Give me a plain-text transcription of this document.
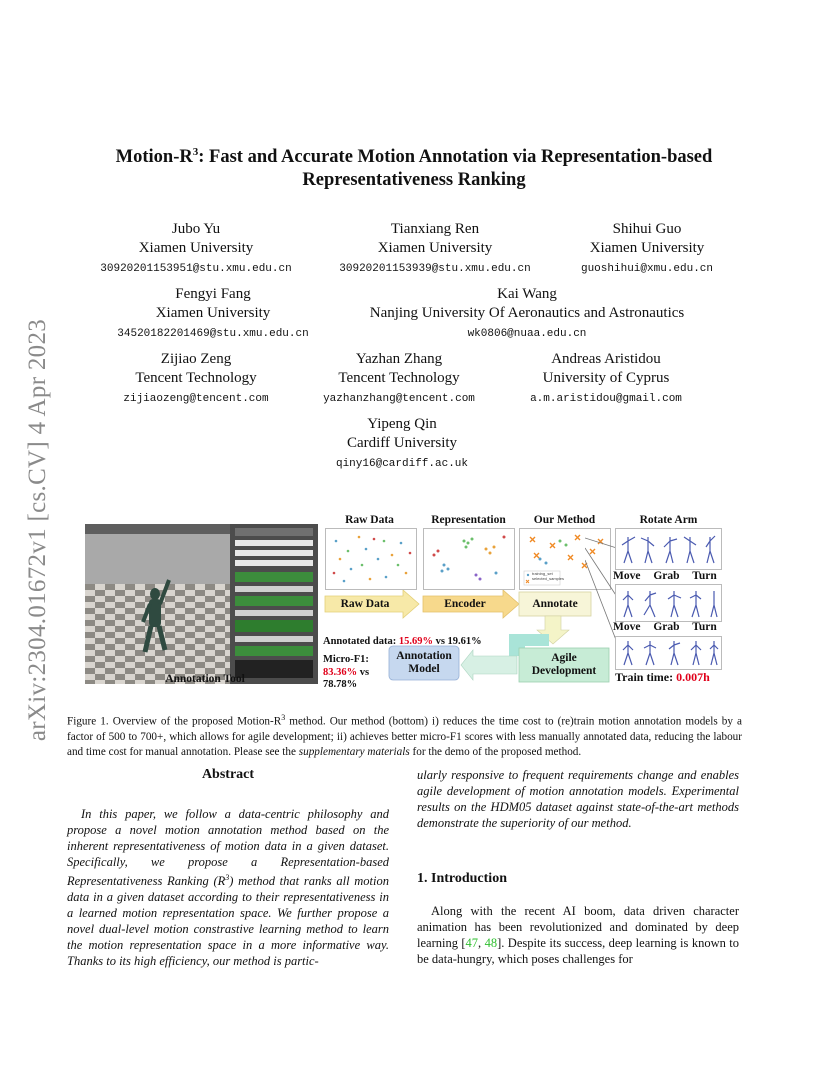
arXiv:2304.01672v1 [cs.CV] 4 Apr 2023
Motion-$R^3$: Fast and Accurate Motion Annotation via Representation-based
Representativeness Ranking
Jubo Yu
Xiamen University
30920201153951@stu.xmu.edu.cn
Tianxiang Ren
Xiamen University
30920201153939@stu.xmu.edu.cn
Shihui Guo
Xiamen University
guoshihui@xmu.edu.cn
Fengyi Fang
Xiamen University
34520182201469@stu.xmu.edu.cn
Kai Wang
Nanjing University Of Aeronautics and Astronautics
wk0806@nuaa.edu.cn
Zijiao Zeng
Tencent Technology
zijiaozeng@tencent.com
Yazhan Zhang
Tencent Technology
yazhanzhang@tencent.com
Andreas Aristidou
University of Cyprus
a.m.aristidou@gmail.com
Yipeng Qin
Cardiff University
qiny16@cardiff.ac.uk
Annotation Tool
Raw Data	Representation	Our Method	Rotate Arm
training_set
selected_samples	Move Grab Turn
Move Grab Turn
Train time: 0.007h
Raw Data	Encoder	Annotate
Annotated data: 15.69% vs 19.61%
Micro-F1:
83.36% vs
78.78%
Annotation
Model
Agile
Development
Figure 1. Overview of the proposed Motion-$R^3$ method. Our method (bottom) i) reduces the time cost to (re)train motion annotation models by a factor of 500 to 700+, which allows for agile development; ii) achieves better micro-F1 scores with less manually annotated data, reducing the labour and time cost for manual annotation. Please see the supplementary materials for the demo of the proposed method.
Abstract
In this paper, we follow a data-centric philosophy and propose a novel motion annotation method based on the inherent representativeness of motion data in a given dataset. Specifically, we propose a Representation-based Representativeness Ranking $(R^3)$ method that ranks all motion data in a given dataset according to their representativeness in a learned motion representation space. We further propose a novel dual-level motion constrastive learning method to learn the motion representation space in a more informative way. Thanks to its high efficiency, our method is partic-
ularly responsive to frequent requirements change and enables agile development of motion annotation models. Experimental results on the HDM05 dataset against state-of-the-art methods demonstrate the superiority of our method.
1. Introduction
Along with the recent AI boom, data driven character animation has been revolutionized and dominated by deep learning [47, 48]. Despite its success, deep learning is known to be data-hungry, which poses challenges for
